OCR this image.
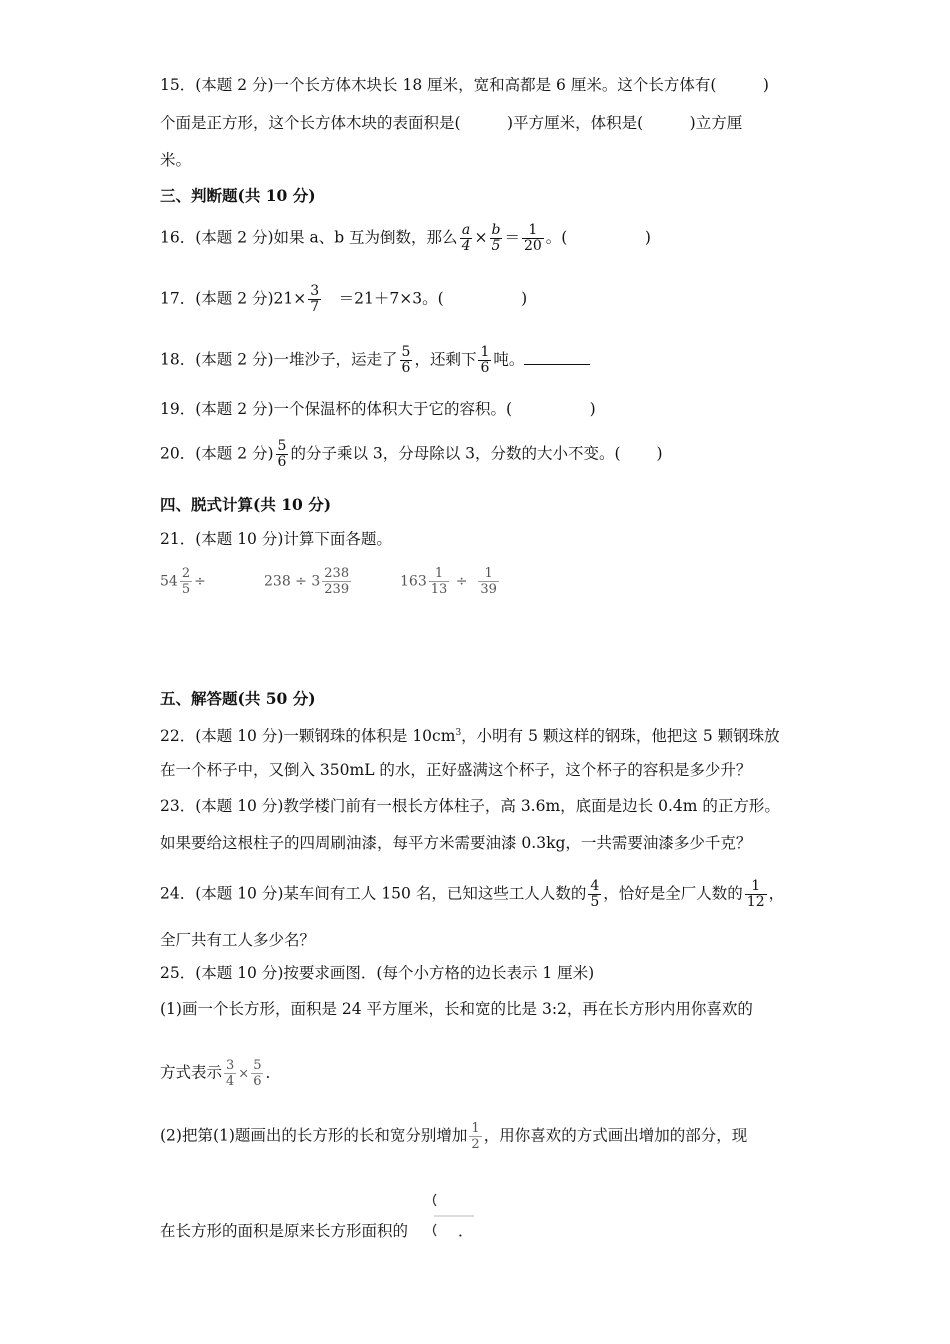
15．(本题 2 分)一个长方体木块长 18 厘米，宽和高都是 6 厘米。这个长方体有(　　　)
个面是正方形，这个长方体木块的表面积是(　　　)平方厘米，体积是(　　　)立方厘
米。
三、判断题(共 10 分)
16．(本题 2 分)如果 a、b 互为倒数，那么 $\frac{a}{4} \times \frac{b}{5} = \frac{1}{20}$ 。(　　　　　)
17．(本题 2 分)$21\times \frac{3}{7}$ 　＝21＋7×3。(　　　　　)
18．(本题 2 分)一堆沙子，运走了 $\frac{5}{6}$ ，还剩下 $\frac{1}{6}$ 吨。
19．(本题 2 分)一个保温杯的体积大于它的容积。(　　　　　)
20．(本题 2 分) $\frac{5}{6}$ 的分子乘以 3，分母除以 3，分数的大小不变。(　　 )
四、脱式计算(共 10 分)
21．(本题 10 分)计算下面各题。
$54 \frac{2}{5}$ ÷	$238 \div 3 \frac{238}{239}$	$163 \frac{1}{13} \div \frac{1}{39}$
五、解答题(共 50 分)
22．(本题 10 分)一颗钢珠的体积是 $10cm^3$，小明有 5 颗这样的钢珠，他把这 5 颗钢珠放
在一个杯子中，又倒入 350mL 的水，正好盛满这个杯子，这个杯子的容积是多少升？
23．(本题 10 分)教学楼门前有一根长方体柱子，高 3.6m，底面是边长 0.4m 的正方形。
如果要给这根柱子的四周刷油漆，每平方米需要油漆 0.3kg，一共需要油漆多少千克？
24．(本题 10 分)某车间有工人 150 名，已知这些工人人数的 $\frac{4}{5}$ ，恰好是全厂人数的 $\frac{1}{12}$ ，
全厂共有工人多少名？
25．(本题 10 分)按要求画图．(每个小方格的边长表示 1 厘米)
(1)画一个长方形，面积是 24 平方厘米，长和宽的比是 3:2，再在长方形内用你喜欢的
方式表示 $\frac{3}{4} \times \frac{5}{6}$ ．
(2)把第(1)题画出的长方形的长和宽分别增加 $\frac{1}{2}$ ，用你喜欢的方式画出增加的部分，现
在长方形的面积是原来长方形面积的	．
